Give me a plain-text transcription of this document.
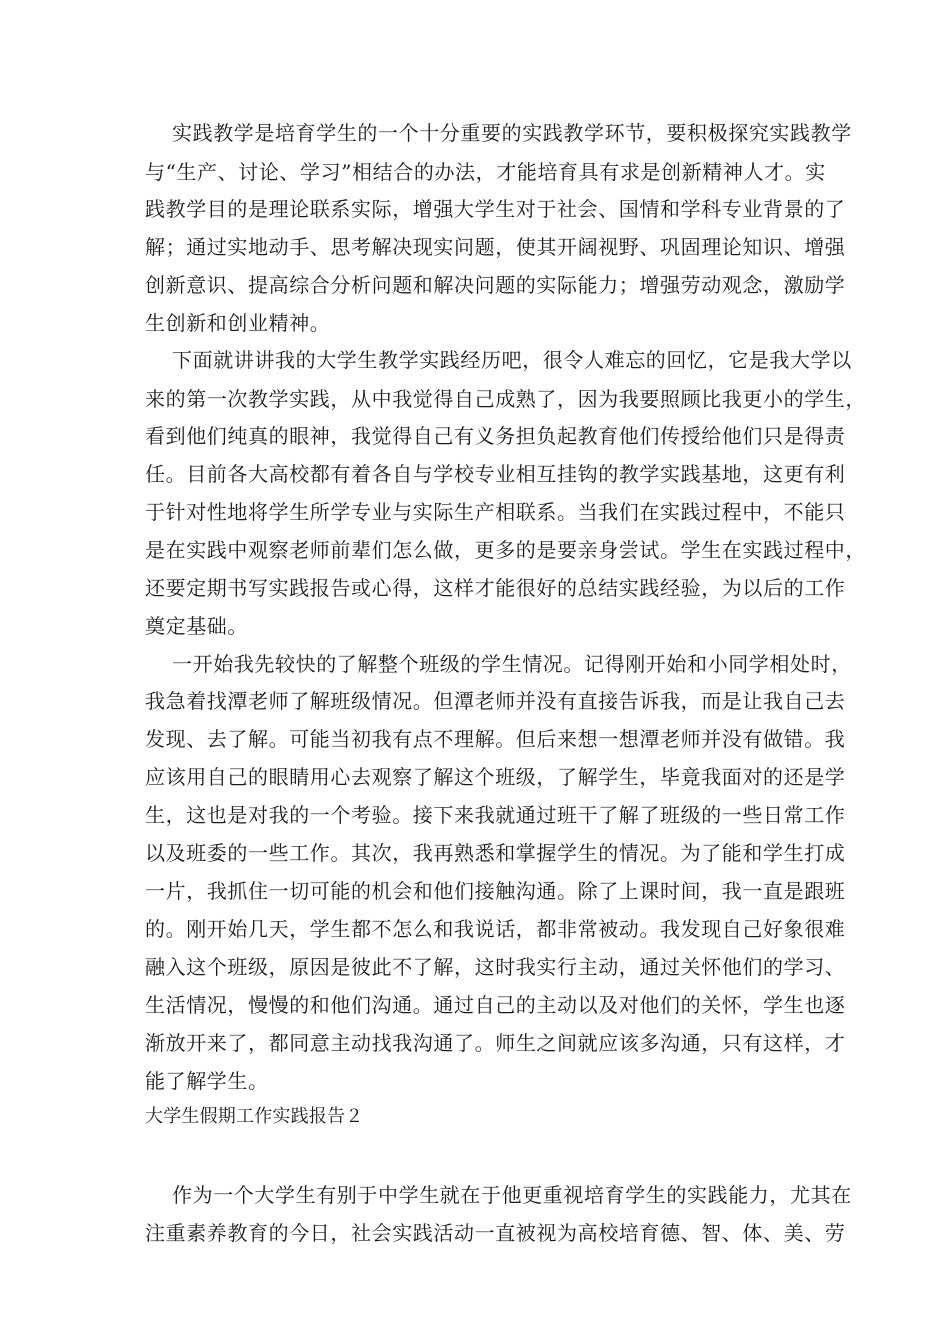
实践教学是培育学生的一个十分重要的实践教学环节，要积极探究实践教学
与“生产、讨论、学习”相结合的办法，才能培育具有求是创新精神人才。实
践教学目的是理论联系实际，增强大学生对于社会、国情和学科专业背景的了
解；通过实地动手、思考解决现实问题，使其开阔视野、巩固理论知识、增强
创新意识、提高综合分析问题和解决问题的实际能力；增强劳动观念，激励学
生创新和创业精神。
下面就讲讲我的大学生教学实践经历吧，很令人难忘的回忆，它是我大学以
来的第一次教学实践，从中我觉得自己成熟了，因为我要照顾比我更小的学生，
看到他们纯真的眼神，我觉得自己有义务担负起教育他们传授给他们只是得责
任。目前各大高校都有着各自与学校专业相互挂钩的教学实践基地，这更有利
于针对性地将学生所学专业与实际生产相联系。当我们在实践过程中，不能只
是在实践中观察老师前辈们怎么做，更多的是要亲身尝试。学生在实践过程中，
还要定期书写实践报告或心得，这样才能很好的总结实践经验，为以后的工作
奠定基础。
一开始我先较快的了解整个班级的学生情况。记得刚开始和小同学相处时，
我急着找潭老师了解班级情况。但潭老师并没有直接告诉我，而是让我自己去
发现、去了解。可能当初我有点不理解。但后来想一想潭老师并没有做错。我
应该用自己的眼睛用心去观察了解这个班级，了解学生，毕竟我面对的还是学
生，这也是对我的一个考验。接下来我就通过班干了解了班级的一些日常工作
以及班委的一些工作。其次，我再熟悉和掌握学生的情况。为了能和学生打成
一片，我抓住一切可能的机会和他们接触沟通。除了上课时间，我一直是跟班
的。刚开始几天，学生都不怎么和我说话，都非常被动。我发现自己好象很难
融入这个班级，原因是彼此不了解，这时我实行主动，通过关怀他们的学习、
生活情况，慢慢的和他们沟通。通过自己的主动以及对他们的关怀，学生也逐
渐放开来了，都同意主动找我沟通了。师生之间就应该多沟通，只有这样，才
能了解学生。
大学生假期工作实践报告２
作为一个大学生有别于中学生就在于他更重视培育学生的实践能力，尤其在
注重素养教育的今日，社会实践活动一直被视为高校培育德、智、体、美、劳
